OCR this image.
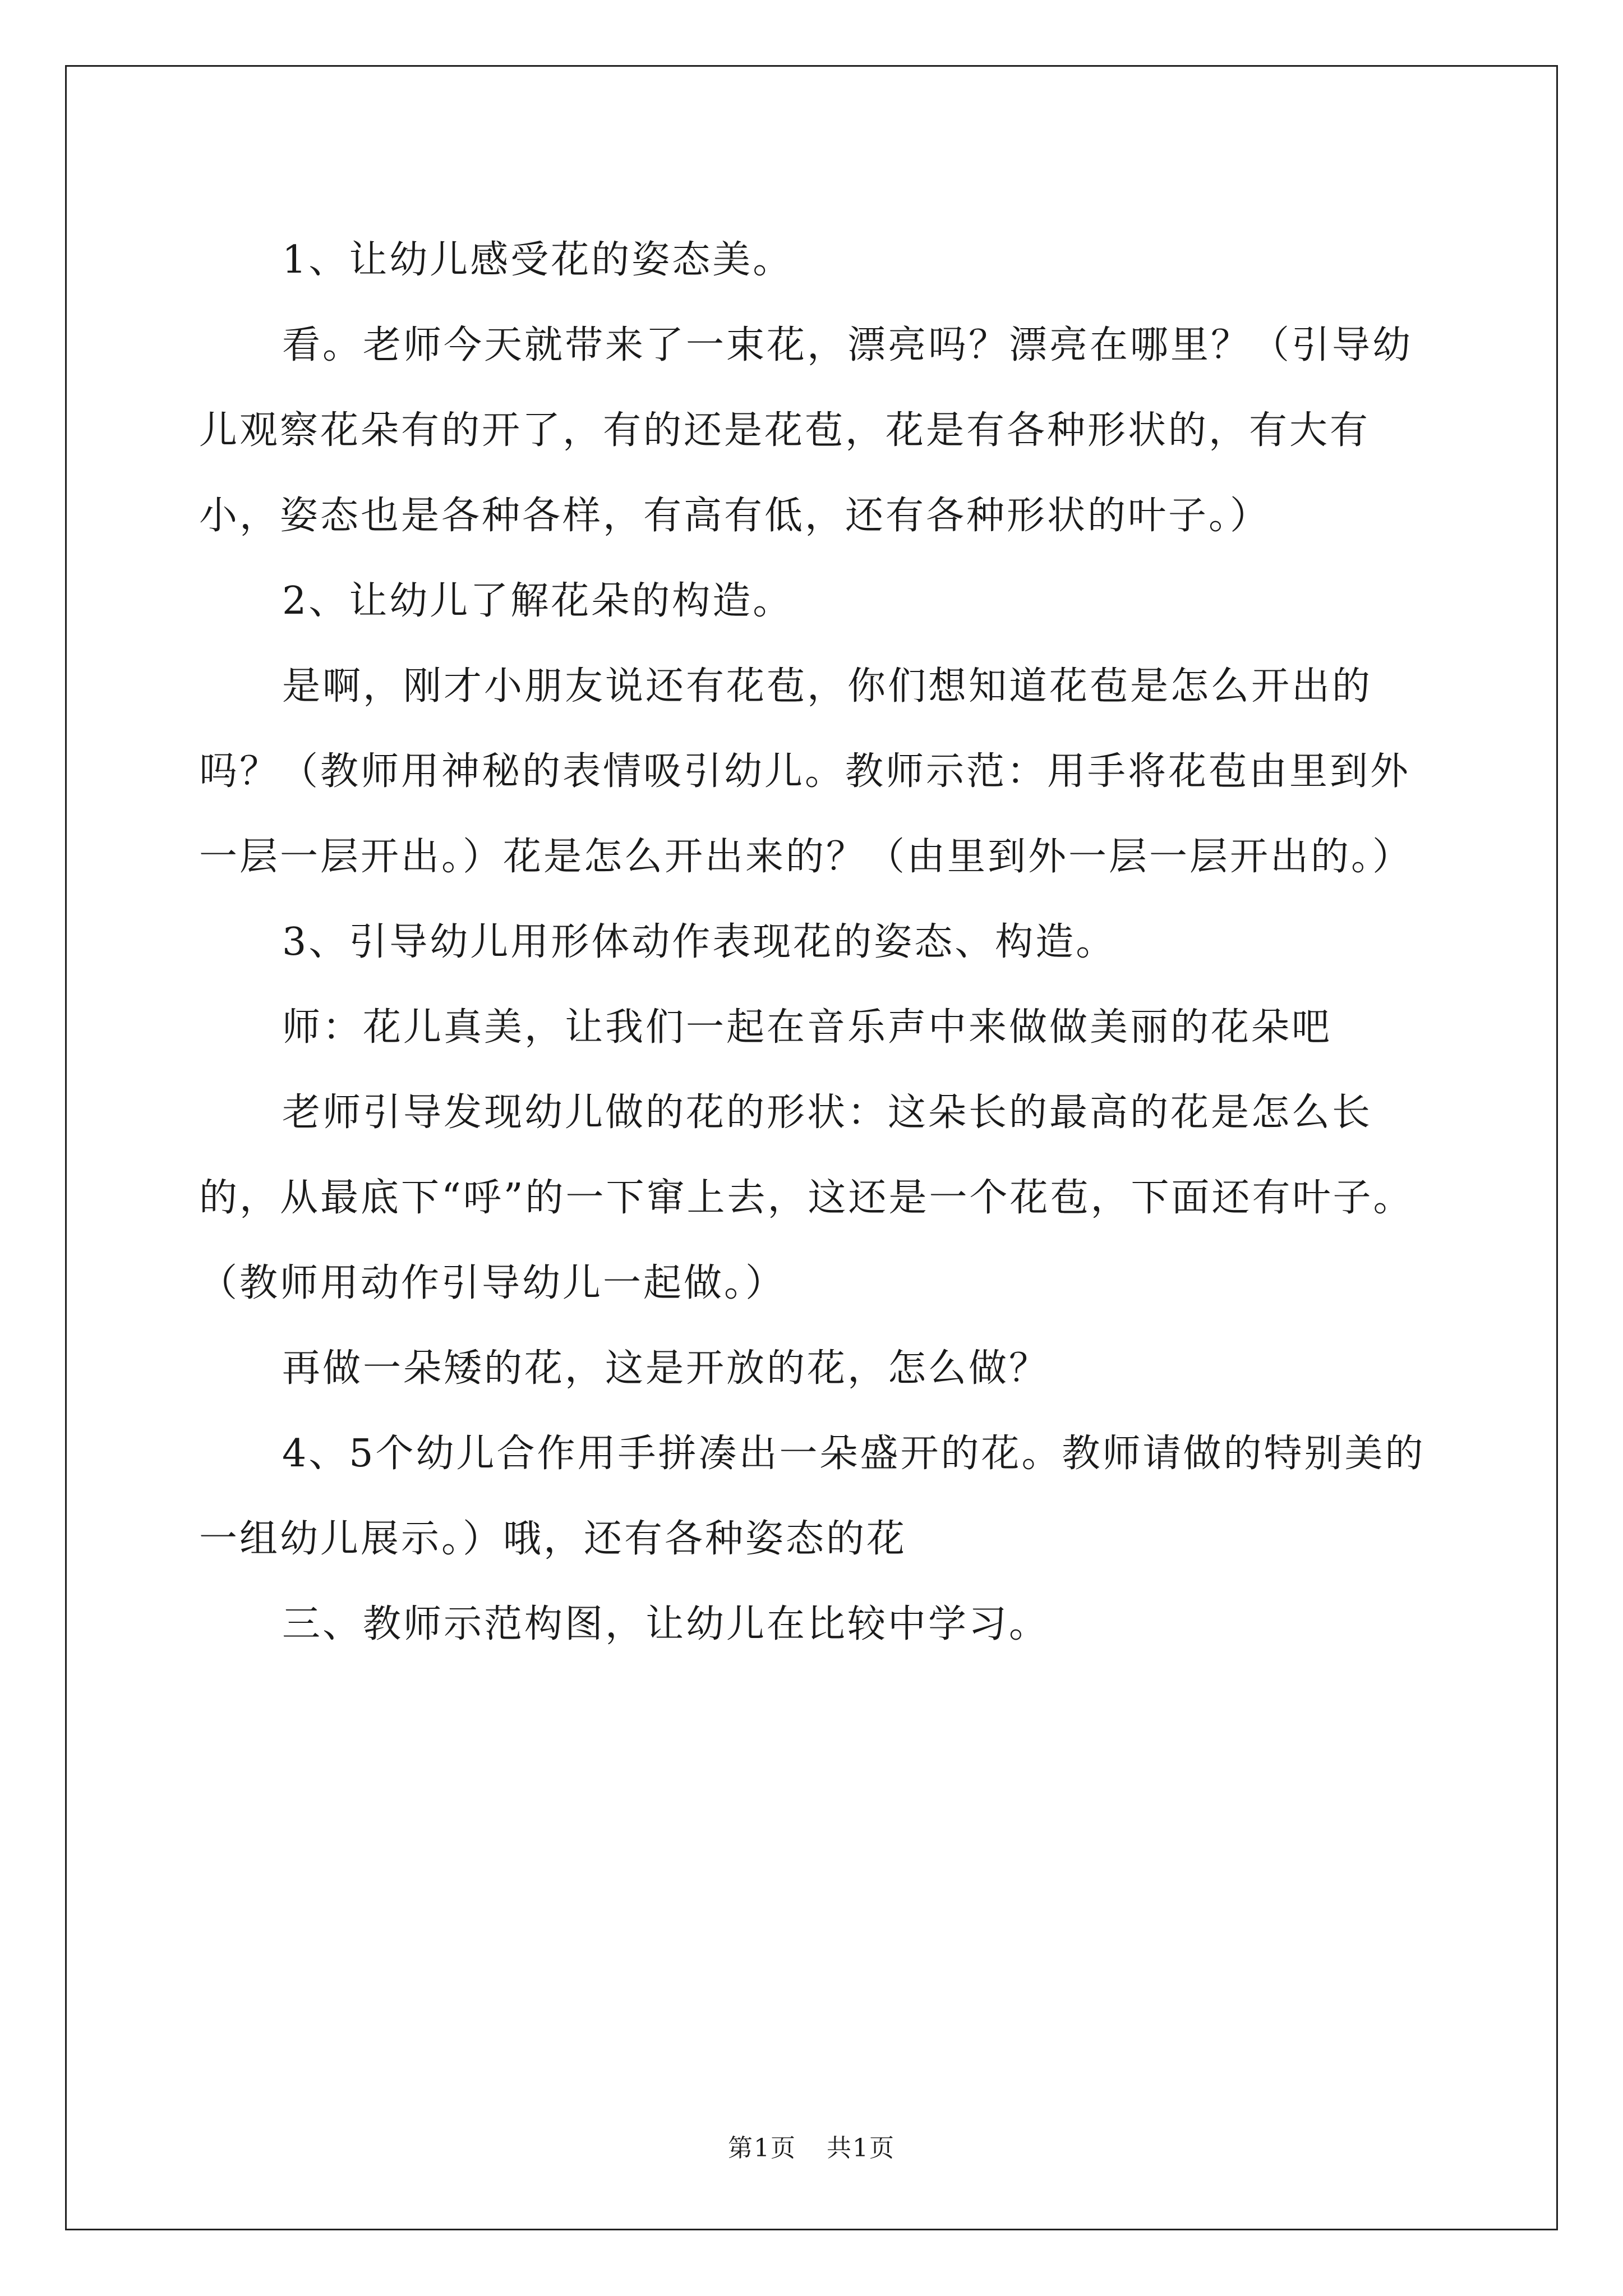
1、让幼儿感受花的姿态美。

看。老师今天就带来了一束花，漂亮吗？漂亮在哪里？（引导幼儿观察花朵有的开了，有的还是花苞，花是有各种形状的，有大有小，姿态也是各种各样，有高有低，还有各种形状的叶子。）

2、让幼儿了解花朵的构造。

是啊，刚才小朋友说还有花苞，你们想知道花苞是怎么开出的吗？（教师用神秘的表情吸引幼儿。教师示范：用手将花苞由里到外一层一层开出。）花是怎么开出来的？（由里到外一层一层开出的。）

3、引导幼儿用形体动作表现花的姿态、构造。

师：花儿真美，让我们一起在音乐声中来做做美丽的花朵吧

老师引导发现幼儿做的花的形状：这朵长的最高的花是怎么长的，从最底下“呼”的一下窜上去，这还是一个花苞，下面还有叶子。（教师用动作引导幼儿一起做。）

再做一朵矮的花，这是开放的花，怎么做？

4、5个幼儿合作用手拼凑出一朵盛开的花。教师请做的特别美的一组幼儿展示。）哦，还有各种姿态的花

三、教师示范构图，让幼儿在比较中学习。

第1页 共1页
